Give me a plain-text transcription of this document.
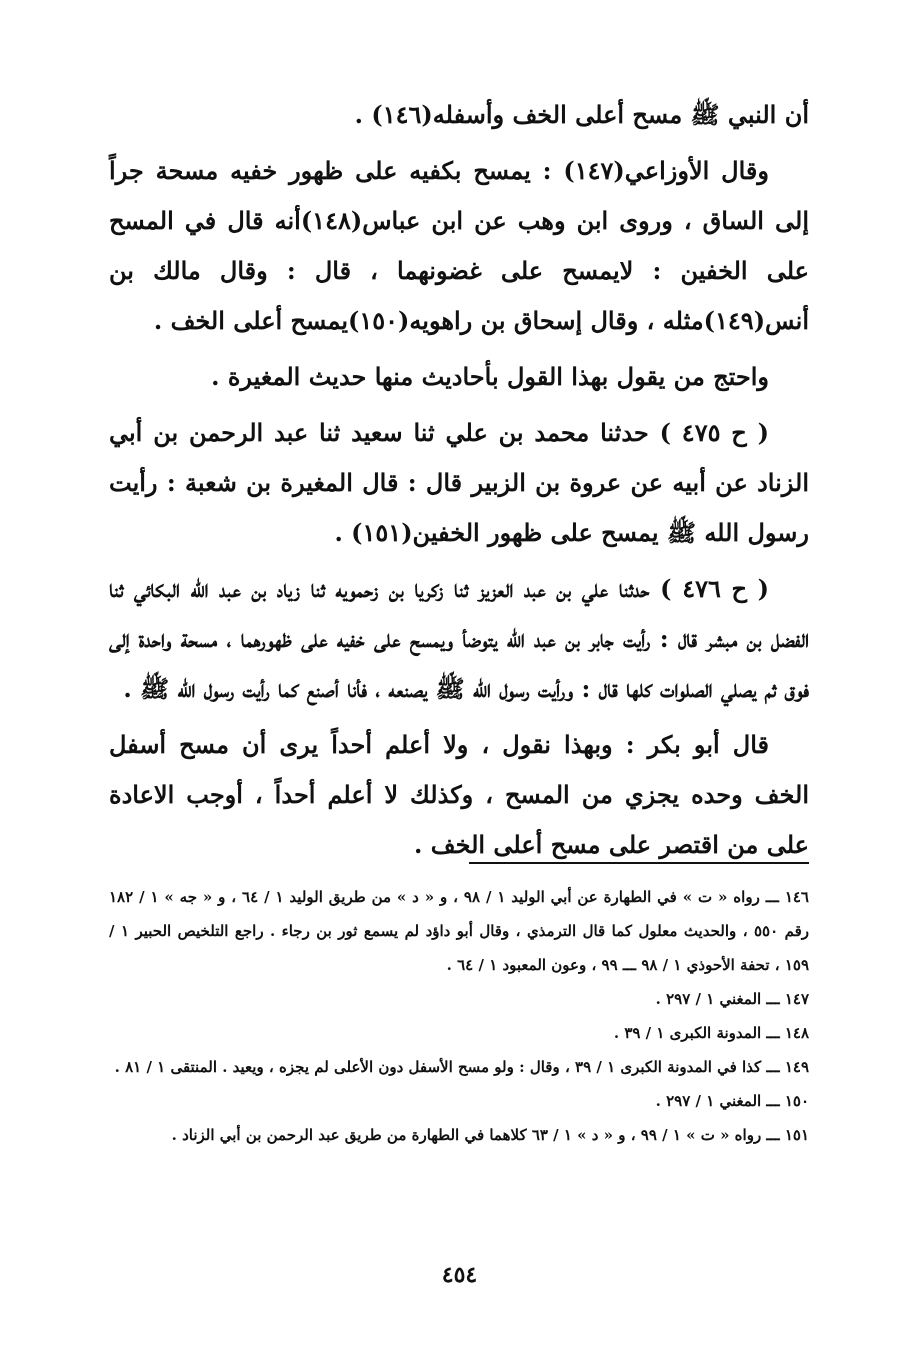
أن النبي ﷺ مسح أعلى الخف وأسفله(١٤٦) .

وقال الأوزاعي(١٤٧) : يمسح بكفيه على ظهور خفيه مسحة جراً إلى الساق ، وروى ابن وهب عن ابن عباس(١٤٨)أنه قال في المسح على الخفين : لايمسح على غضونهما ، قال : وقال مالك بن أنس(١٤٩)مثله ، وقال إسحاق بن راهويه(١٥٠)يمسح أعلى الخف .

واحتج من يقول بهذا القول بأحاديث منها حديث المغيرة .

( ح ٤٧٥ ) حدثنا محمد بن علي ثنا سعيد ثنا عبد الرحمن بن أبي الزناد عن أبيه عن عروة بن الزبير قال : قال المغيرة بن شعبة : رأيت رسول الله ﷺ يمسح على ظهور الخفين(١٥١) .

( ح ٤٧٦ ) حدثنا علي بن عبد العزيز ثنا زكريا بن زحمويه ثنا زياد بن عبد الله البكائي ثنا الفضل بن مبشر قال : رأيت جابر بن عبد الله يتوضأ ويمسح على خفيه على ظهورهما ، مسحة واحدة إلى فوق ثم يصلي الصلوات كلها قال : ورأيت رسول الله ﷺ يصنعه ، فأنا أصنع كما رأيت رسول الله ﷺ .

قال أبو بكر : وبهذا نقول ، ولا أعلم أحداً يرى أن مسح أسفل الخف وحده يجزي من المسح ، وكذلك لا أعلم أحداً ، أوجب الاعادة على من اقتصر على مسح أعلى الخف .

١٤٦ ـــ رواه « ت » في الطهارة عن أبي الوليد ١ / ٩٨ ، و « د » من طريق الوليد ١ / ٦٤ ، و « جه » ١ / ١٨٢ رقم ٥٥٠ ، والحديث معلول كما قال الترمذي ، وقال أبو داؤد لم يسمع ثور بن رجاء . راجع التلخيص الحبير ١ / ١٥٩ ، تحفة الأحوذي ١ / ٩٨ ـــ ٩٩ ، وعون المعبود ١ / ٦٤ .

١٤٧ ـــ المغني ١ / ٢٩٧ .

١٤٨ ـــ المدونة الكبرى ١ / ٣٩ .

١٤٩ ـــ كذا في المدونة الكبرى ١ / ٣٩ ، وقال : ولو مسح الأسفل دون الأعلى لم يجزه ، ويعيد . المنتقى ١ / ٨١ .

١٥٠ ـــ المغني ١ / ٢٩٧ .

١٥١ ـــ رواه « ت » ١ / ٩٩ ، و « د » ١ / ٦٣ كلاهما في الطهارة من طريق عبد الرحمن بن أبي الزناد .

٤٥٤
